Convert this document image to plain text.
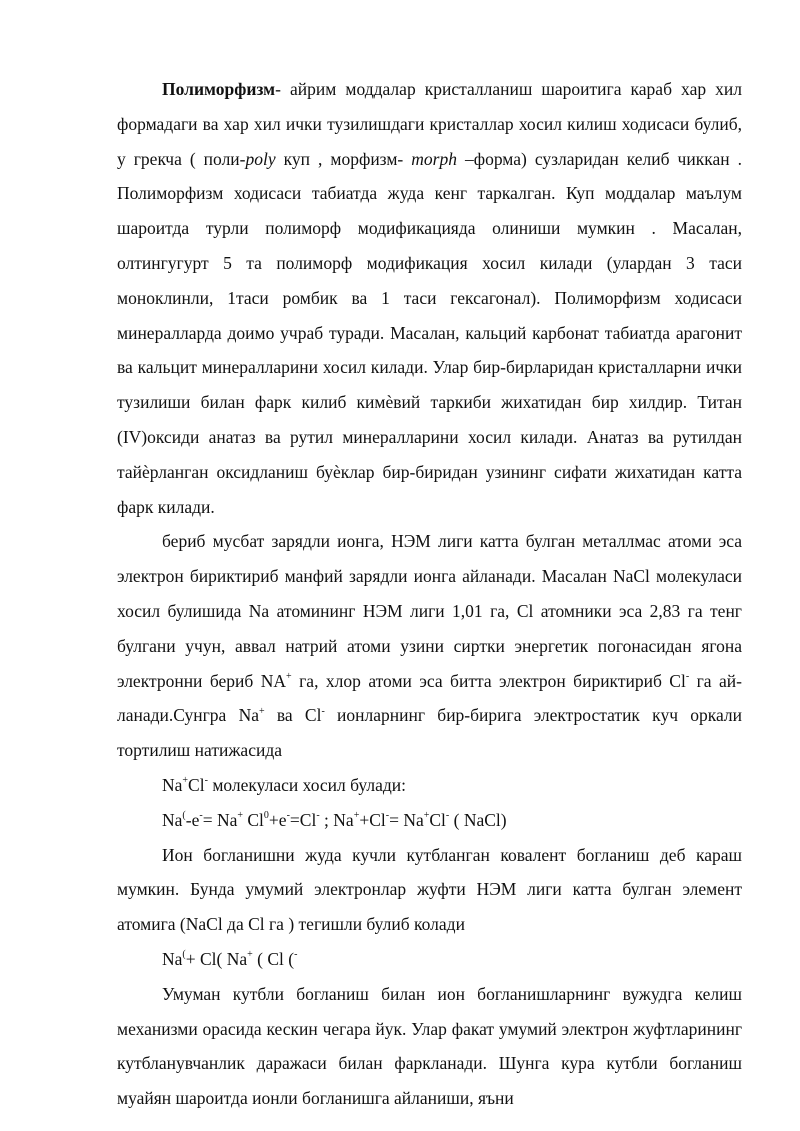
Полиморфизм- айрим моддалар кристалланиш шароитига караб хар хил формадаги ва хар хил ички тузилишдаги кристаллар хосил килиш ходисаси булиб, у грекча ( поли-poly куп , морфизм- morph –форма) сузларидан келиб чиккан . Полиморфизм ходисаси табиатда жуда кенг таркалган. Куп моддалар маълум шароитда турли полиморф модификацияда олиниши мумкин . Масалан, олтингугурт 5 та полиморф модификация хосил килади (улардан 3 таси моноклинли, 1таси ромбик ва 1 таси гексагонал). Полиморфизм ходисаси минералларда доимо учраб туради. Масалан, кальций карбонат табиатда арагонит ва кальцит минералларини хосил килади. Улар бир-бирларидан кристалларни ички тузилиши билан фарк килиб кимѐвий таркиби жихатидан бир хилдир. Титан (IV)оксиди анатаз ва рутил минералларини хосил килади. Анатаз ва рутилдан тайѐрланган оксидланиш буѐклар бир-биридан узининг сифати жихатидан катта фарк килади.

бериб мусбат зарядли ионга, НЭМ лиги катта булган металлмас атоми эса электрон бириктириб манфий зарядли ионга айланади. Масалан NaCl молекуласи хосил булишида Na атомининг НЭМ лиги 1,01 га, Cl атомники эса 2,83 га тенг булгани учун, аввал натрий атоми узини сиртки энергетик погонасидан ягона электронни бериб NA+ га, хлор атоми эса битта электрон бириктириб Cl- га ай-ланади.Сунгра Na+ ва Cl- ионларнинг бир-бирига электростатик куч оркали тортилиш натижасида

Na+Cl- молекуласи хосил булади:

Na(-e-= Na+ $Cl^0+e^-=Cl^-$ ; Na++Cl-= Na+Cl- ( NaCl)

Ион богланишни жуда кучли кутбланган ковалент богланиш деб караш мумкин. Бунда умумий электронлар жуфти НЭМ лиги катта булган элемент атомига (NaCl да Cl га ) тегишли булиб колади

Na(+ Cl( Na+ ( Cl (-

Умуман кутбли богланиш билан ион богланишларнинг вужудга келиш механизми орасида кескин чегара йук. Улар факат умумий электрон жуфтларининг кутбланувчанлик даражаси билан фаркланади. Шунга кура кутбли богланиш муайян шароитда ионли богланишга айланиши, яъни
